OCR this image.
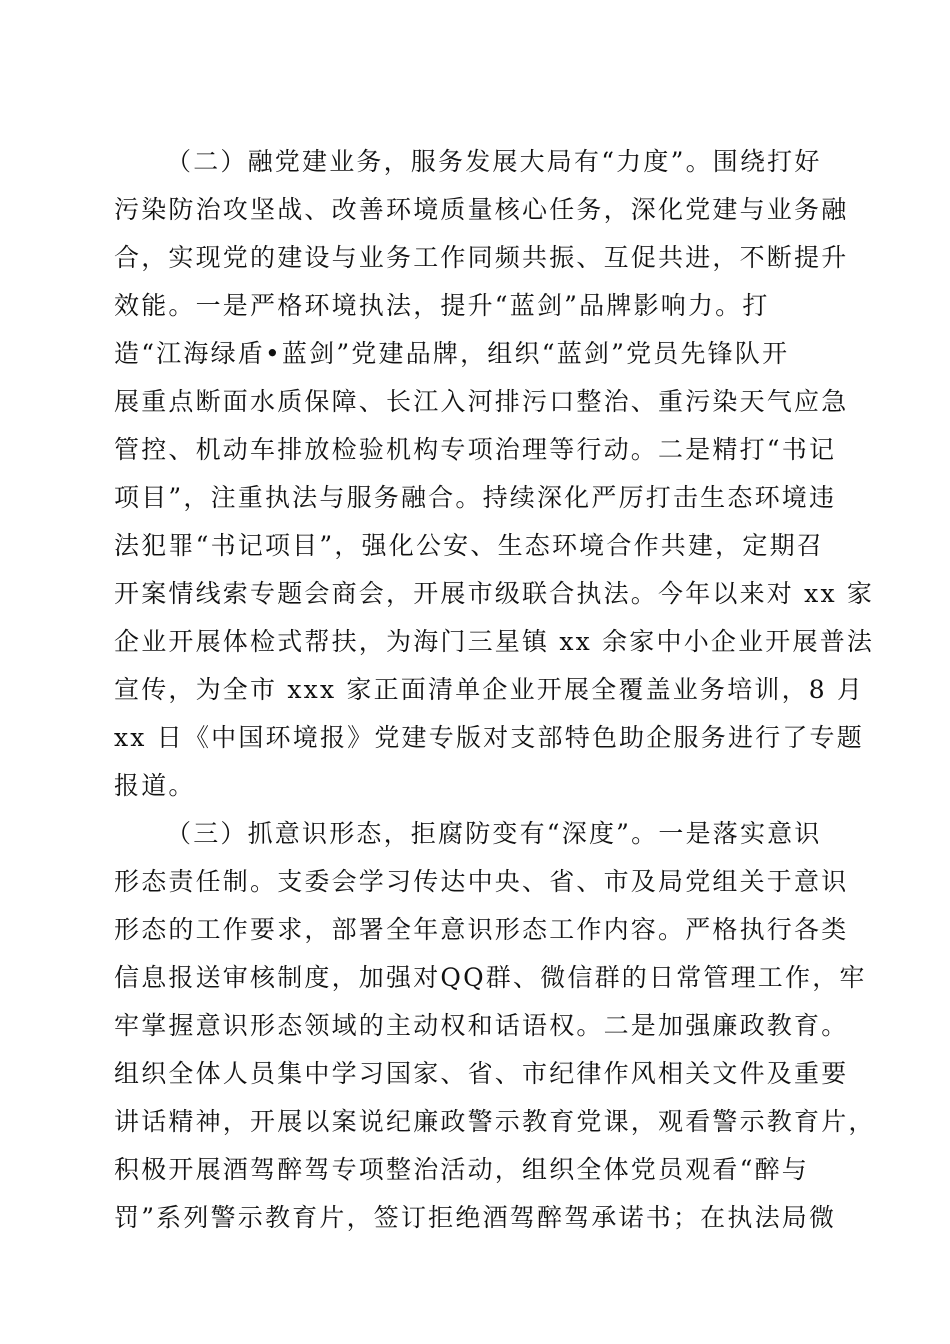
（二）融党建业务，服务发展大局有“力度”。围绕打好
污染防治攻坚战、改善环境质量核心任务，深化党建与业务融
合，实现党的建设与业务工作同频共振、互促共进，不断提升
效能。一是严格环境执法，提升“蓝剑”品牌影响力。打
造“江海绿盾•蓝剑”党建品牌，组织“蓝剑”党员先锋队开
展重点断面水质保障、长江入河排污口整治、重污染天气应急
管控、机动车排放检验机构专项治理等行动。二是精打“书记
项目”，注重执法与服务融合。持续深化严厉打击生态环境违
法犯罪“书记项目”，强化公安、生态环境合作共建，定期召
开案情线索专题会商会，开展市级联合执法。今年以来对 xx 家
企业开展体检式帮扶，为海门三星镇 xx 余家中小企业开展普法
宣传，为全市 xxx 家正面清单企业开展全覆盖业务培训，8 月
xx 日《中国环境报》党建专版对支部特色助企服务进行了专题
报道。
（三）抓意识形态，拒腐防变有“深度”。一是落实意识
形态责任制。支委会学习传达中央、省、市及局党组关于意识
形态的工作要求，部署全年意识形态工作内容。严格执行各类
信息报送审核制度，加强对QQ群、微信群的日常管理工作，牢
牢掌握意识形态领域的主动权和话语权。二是加强廉政教育。
组织全体人员集中学习国家、省、市纪律作风相关文件及重要
讲话精神，开展以案说纪廉政警示教育党课，观看警示教育片，
积极开展酒驾醉驾专项整治活动，组织全体党员观看“醉与
罚”系列警示教育片，签订拒绝酒驾醉驾承诺书；在执法局微
